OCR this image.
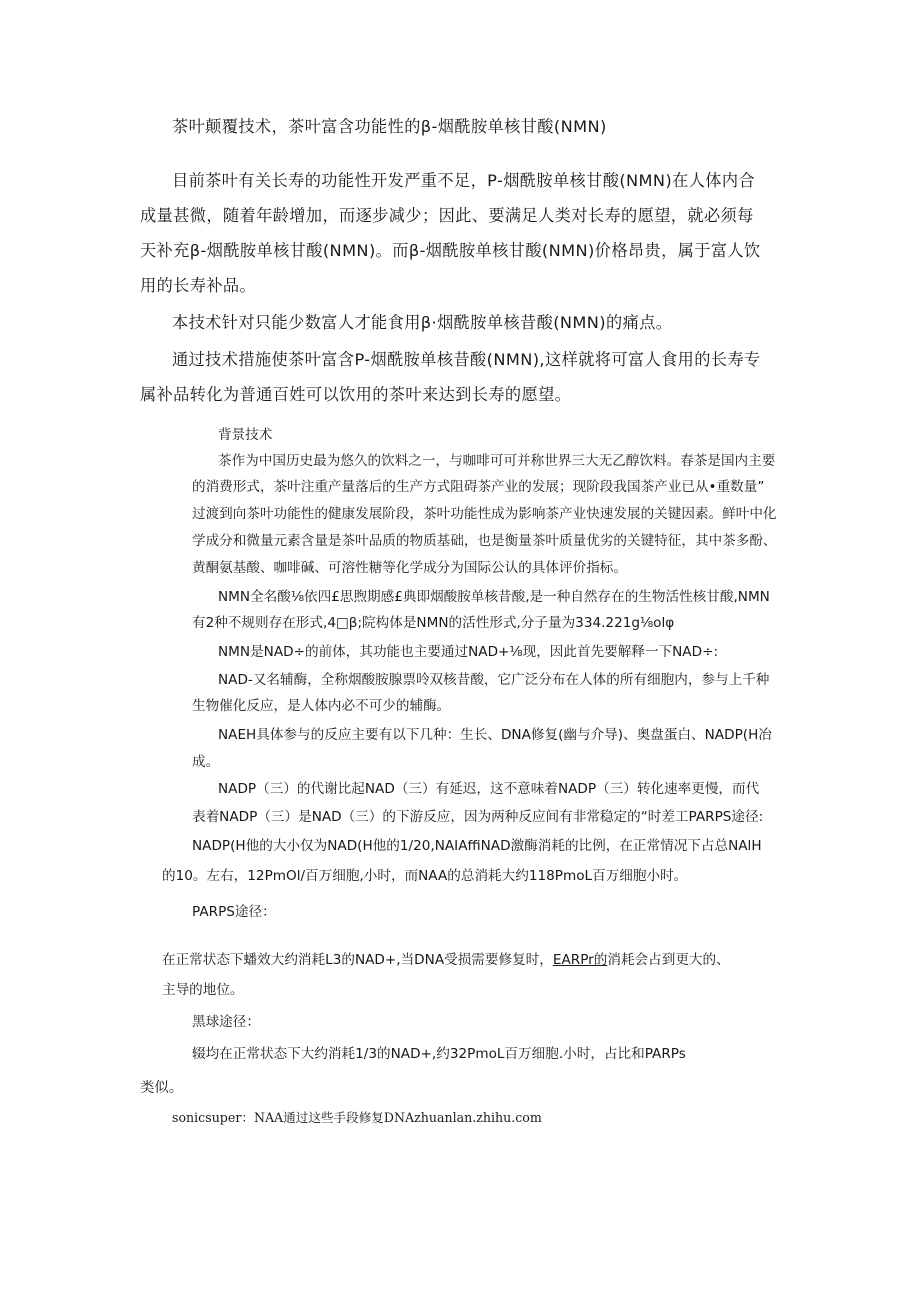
茶叶颠覆技术，茶叶富含功能性的β-烟酰胺单核甘酸(NMN)
目前茶叶有关长寿的功能性开发严重不足，P-烟酰胺单核甘酸(NMN)在人体内合
成量甚微，随着年龄增加，而逐步减少；因此、要满足人类对长寿的愿望，就必须每
天补充β-烟酰胺单核甘酸(NMN)。而β-烟酰胺单核甘酸(NMN)价格昂贵，属于富人饮
用的长寿补品。
本技术针对只能少数富人才能食用β·烟酰胺单核昔酸(NMN)的痛点。
通过技术措施使茶叶富含P-烟酰胺单核昔酸(NMN),这样就将可富人食用的长寿专
属补品转化为普通百姓可以饮用的茶叶来达到长寿的愿望。
背景技术
茶作为中国历史最为悠久的饮料之一，与咖啡可可并称世界三大无乙醇饮料。春茶是国内主要
的消费形式，茶叶注重产量落后的生产方式阻碍茶产业的发展；现阶段我国茶产业已从•重数量”
过渡到向茶叶功能性的健康发展阶段，茶叶功能性成为影响茶产业快速发展的关键因素。鲜叶中化
学成分和微量元素含量是茶叶品质的物质基础，也是衡量茶叶质量优劣的关键特征，其中茶多酚、
黄酮氨基酸、咖啡碱、可溶性糖等化学成分为国际公认的具体评价指标。
NMN全名酸⅛依四£思煦期感£典即烟酸胺单核昔酸,是一种自然存在的生物活性核甘酸,NMN
有2种不规则存在形式,4□β;院构体是NMN的活性形式,分子量为334.221g⅛olφ
NMN是NAD÷的前体，其功能也主要通过NAD+⅛现，因此首先要解释一下NAD÷:
NAD-又名辅酶，全称烟酸胺腺票呤双核昔酸，它广泛分布在人体的所有细胞内，参与上千种
生物催化反应，是人体内必不可少的辅酶。
NAEH具体参与的反应主要有以下几种：生长、DNA修复(幽与介导)、奥盘蛋白、NADP(H冶
成。
NADP（三）的代谢比起NAD（三）有延迟，这不意味着NADP（三）转化速率更慢，而代
表着NADP（三）是NAD（三）的下游反应，因为两种反应间有非常稳定的“时差工PARPS途径:
NADP(H他的大小仅为NAD(H他的1/20,NAIAffiNAD激酶消耗的比例，在正常情况下占总NAlH
的10。左右，12PmOl/百万细胞,小时，而NAA的总消耗大约118PmoL百万细胞小时。
PARPS途径：
在正常状态下蟠效大约消耗L3的NAD+,当DNA受损需要修复时，EARPr的消耗会占到更大的、
主导的地位。
黑球途径：
辍均在正常状态下大约消耗1/3的NAD+,约32PmoL百万细胞.小时，占比和PARPs
类似。
sonicsuper：NAA通过这些手段修复DNAzhuanlan.zhihu.com
